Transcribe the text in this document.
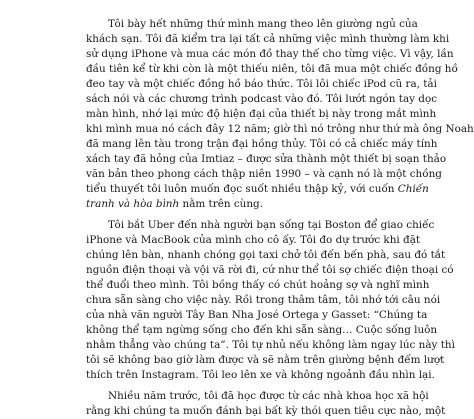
Tôi bày hết những thứ mình mang theo lên giường ngủ của
khách sạn. Tôi đã kiểm tra lại tất cả những việc mình thường làm khi
sử dụng iPhone và mua các món đồ thay thế cho từng việc. Vì vậy, lần
đầu tiên kể từ khi còn là một thiếu niên, tôi đã mua một chiếc đồng hồ
đeo tay và một chiếc đồng hồ báo thức. Tôi lôi chiếc iPod cũ ra, tải
sách nói và các chương trình podcast vào đó. Tôi lướt ngón tay dọc
màn hình, nhớ lại mức độ hiện đại của thiết bị này trong mắt mình
khi mình mua nó cách đây 12 năm; giờ thì nó trông như thứ mà ông Noah
đã mang lên tàu trong trận đại hồng thủy. Tôi có cả chiếc máy tính
xách tay đã hỏng của Imtiaz – được sửa thành một thiết bị soạn thảo
văn bản theo phong cách thập niên 1990 – và cạnh nó là một chồng
tiểu thuyết tôi luôn muốn đọc suốt nhiều thập kỷ, với cuốn Chiến
tranh và hòa bình nằm trên cùng.

Tôi bắt Uber đến nhà người bạn sống tại Boston để giao chiếc
iPhone và MacBook của mình cho cô ấy. Tôi đo dự trước khi đặt
chúng lên bàn, nhanh chóng gọi taxi chở tôi đến bến phà, sau đó tắt
nguồn điện thoại và vội vã rời đi, cứ như thể tôi sợ chiếc điện thoại có
thể đuổi theo mình. Tôi bồng thấy có chút hoảng sợ và nghĩ mình
chưa sẵn sàng cho việc này. Rồi trong thâm tâm, tôi nhớ tới câu nói
của nhà văn người Tây Ban Nha José Ortega y Gasset: “Chúng ta
không thể tạm ngừng sống cho đến khi sẵn sàng… Cuộc sống luôn
nhằm thẳng vào chúng ta”. Tôi tự nhủ nếu không làm ngay lúc này thì
tôi sẽ không bao giờ làm được và sẽ nằm trên giường bệnh đếm lượt
thích trên Instagram. Tôi leo lên xe và không ngoảnh đầu nhìn lại.

Nhiều năm trước, tôi đã học được từ các nhà khoa học xã hội
rằng khi chúng ta muốn đánh bại bất kỳ thói quen tiêu cực nào, một
